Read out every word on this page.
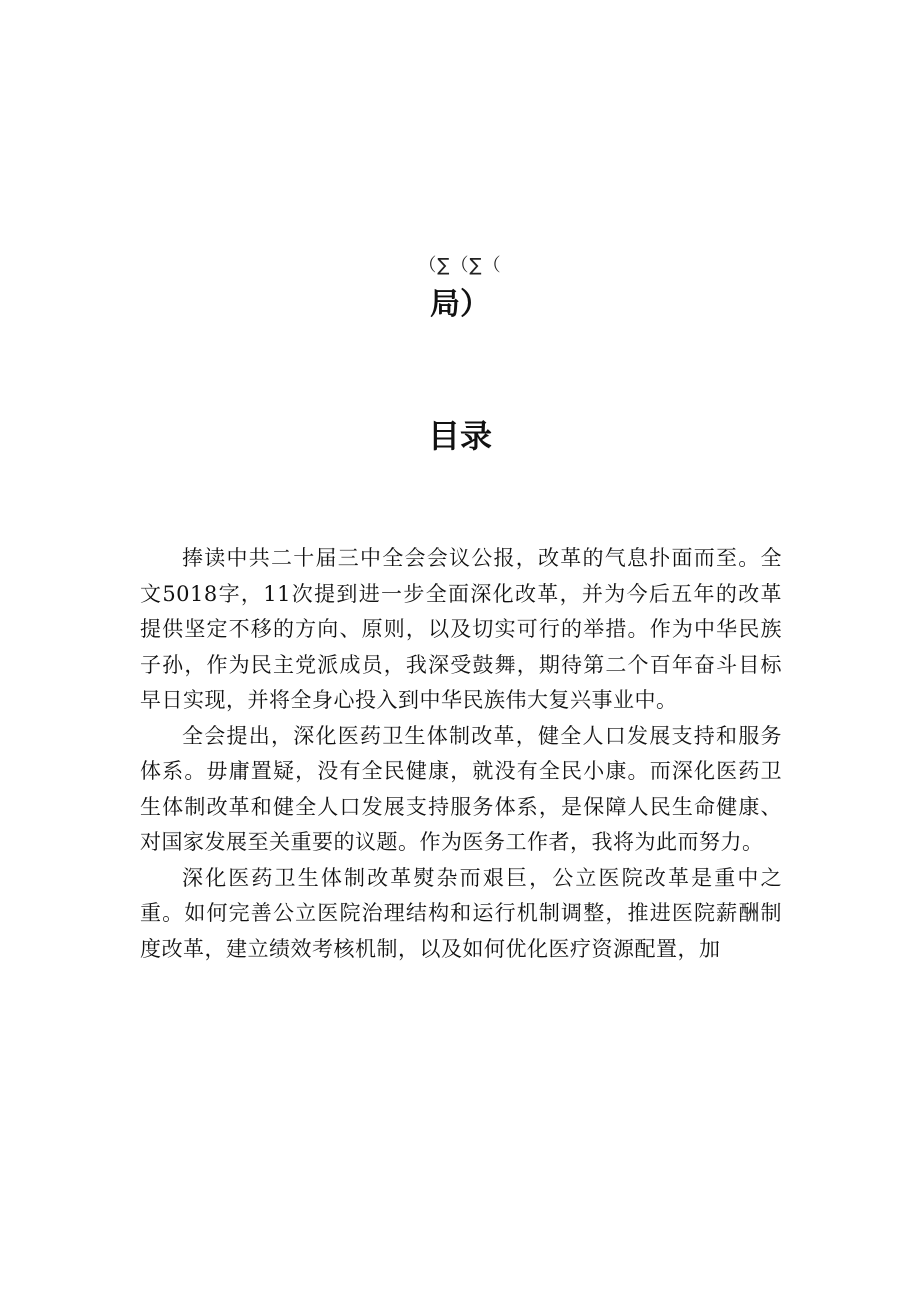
（∑（∑（
局）
目录

捧读中共二十届三中全会会议公报，改革的气息扑面而至。全文5018字，11次提到进一步全面深化改革，并为今后五年的改革提供坚定不移的方向、原则，以及切实可行的举措。作为中华民族子孙，作为民主党派成员，我深受鼓舞，期待第二个百年奋斗目标早日实现，并将全身心投入到中华民族伟大复兴事业中。

全会提出，深化医药卫生体制改革，健全人口发展支持和服务体系。毋庸置疑，没有全民健康，就没有全民小康。而深化医药卫生体制改革和健全人口发展支持服务体系，是保障人民生命健康、对国家发展至关重要的议题。作为医务工作者，我将为此而努力。

深化医药卫生体制改革熨杂而艰巨，公立医院改革是重中之重。如何完善公立医院治理结构和运行机制调整，推进医院薪酬制度改革，建立绩效考核机制，以及如何优化医疗资源配置，加
